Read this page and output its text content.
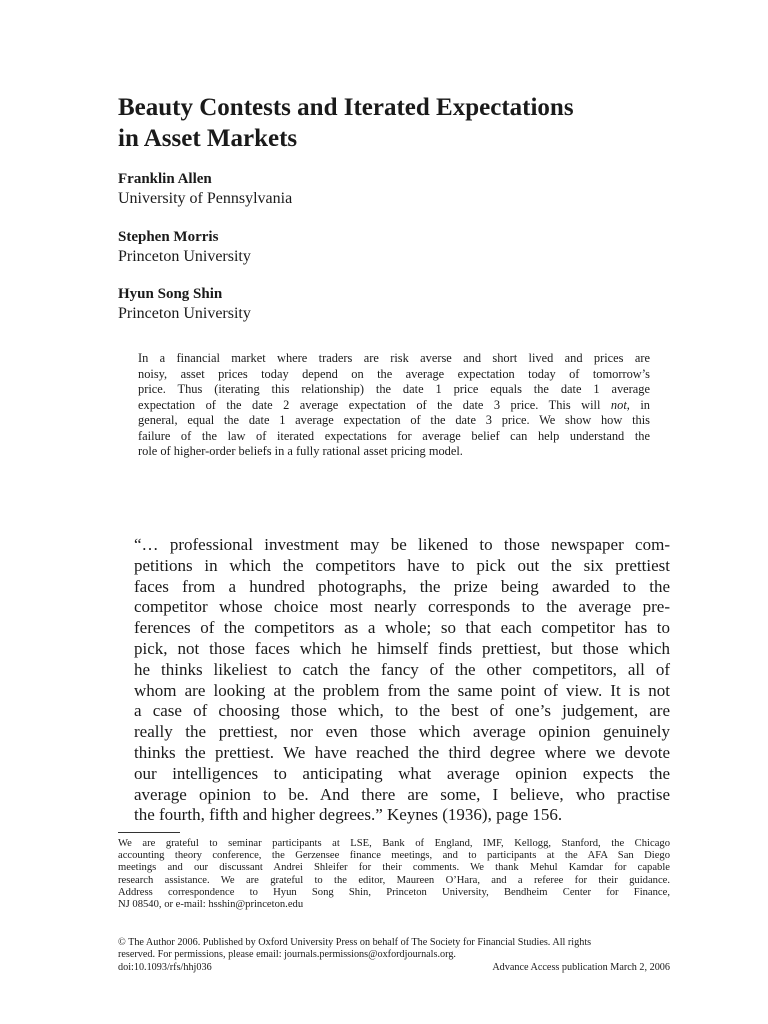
Beauty Contests and Iterated Expectations
in Asset Markets
Franklin Allen
University of Pennsylvania
Stephen Morris
Princeton University
Hyun Song Shin
Princeton University
In a financial market where traders are risk averse and short lived and prices are
noisy, asset prices today depend on the average expectation today of tomorrow’s
price. Thus (iterating this relationship) the date 1 price equals the date 1 average
expectation of the date 2 average expectation of the date 3 price. This will not, in
general, equal the date 1 average expectation of the date 3 price. We show how this
failure of the law of iterated expectations for average belief can help understand the
role of higher-order beliefs in a fully rational asset pricing model.
“… professional investment may be likened to those newspaper com-
petitions in which the competitors have to pick out the six prettiest
faces from a hundred photographs, the prize being awarded to the
competitor whose choice most nearly corresponds to the average pre-
ferences of the competitors as a whole; so that each competitor has to
pick, not those faces which he himself finds prettiest, but those which
he thinks likeliest to catch the fancy of the other competitors, all of
whom are looking at the problem from the same point of view. It is not
a case of choosing those which, to the best of one’s judgement, are
really the prettiest, nor even those which average opinion genuinely
thinks the prettiest. We have reached the third degree where we devote
our intelligences to anticipating what average opinion expects the
average opinion to be. And there are some, I believe, who practise
the fourth, fifth and higher degrees.” Keynes (1936), page 156.
We are grateful to seminar participants at LSE, Bank of England, IMF, Kellogg, Stanford, the Chicago
accounting theory conference, the Gerzensee finance meetings, and to participants at the AFA San Diego
meetings and our discussant Andrei Shleifer for their comments. We thank Mehul Kamdar for capable
research assistance. We are grateful to the editor, Maureen O’Hara, and a referee for their guidance.
Address correspondence to Hyun Song Shin, Princeton University, Bendheim Center for Finance,
NJ 08540, or e-mail: hsshin@princeton.edu
© The Author 2006. Published by Oxford University Press on behalf of The Society for Financial Studies. All rights
reserved. For permissions, please email: journals.permissions@oxfordjournals.org.
doi:10.1093/rfs/hhj036	Advance Access publication March 2, 2006
